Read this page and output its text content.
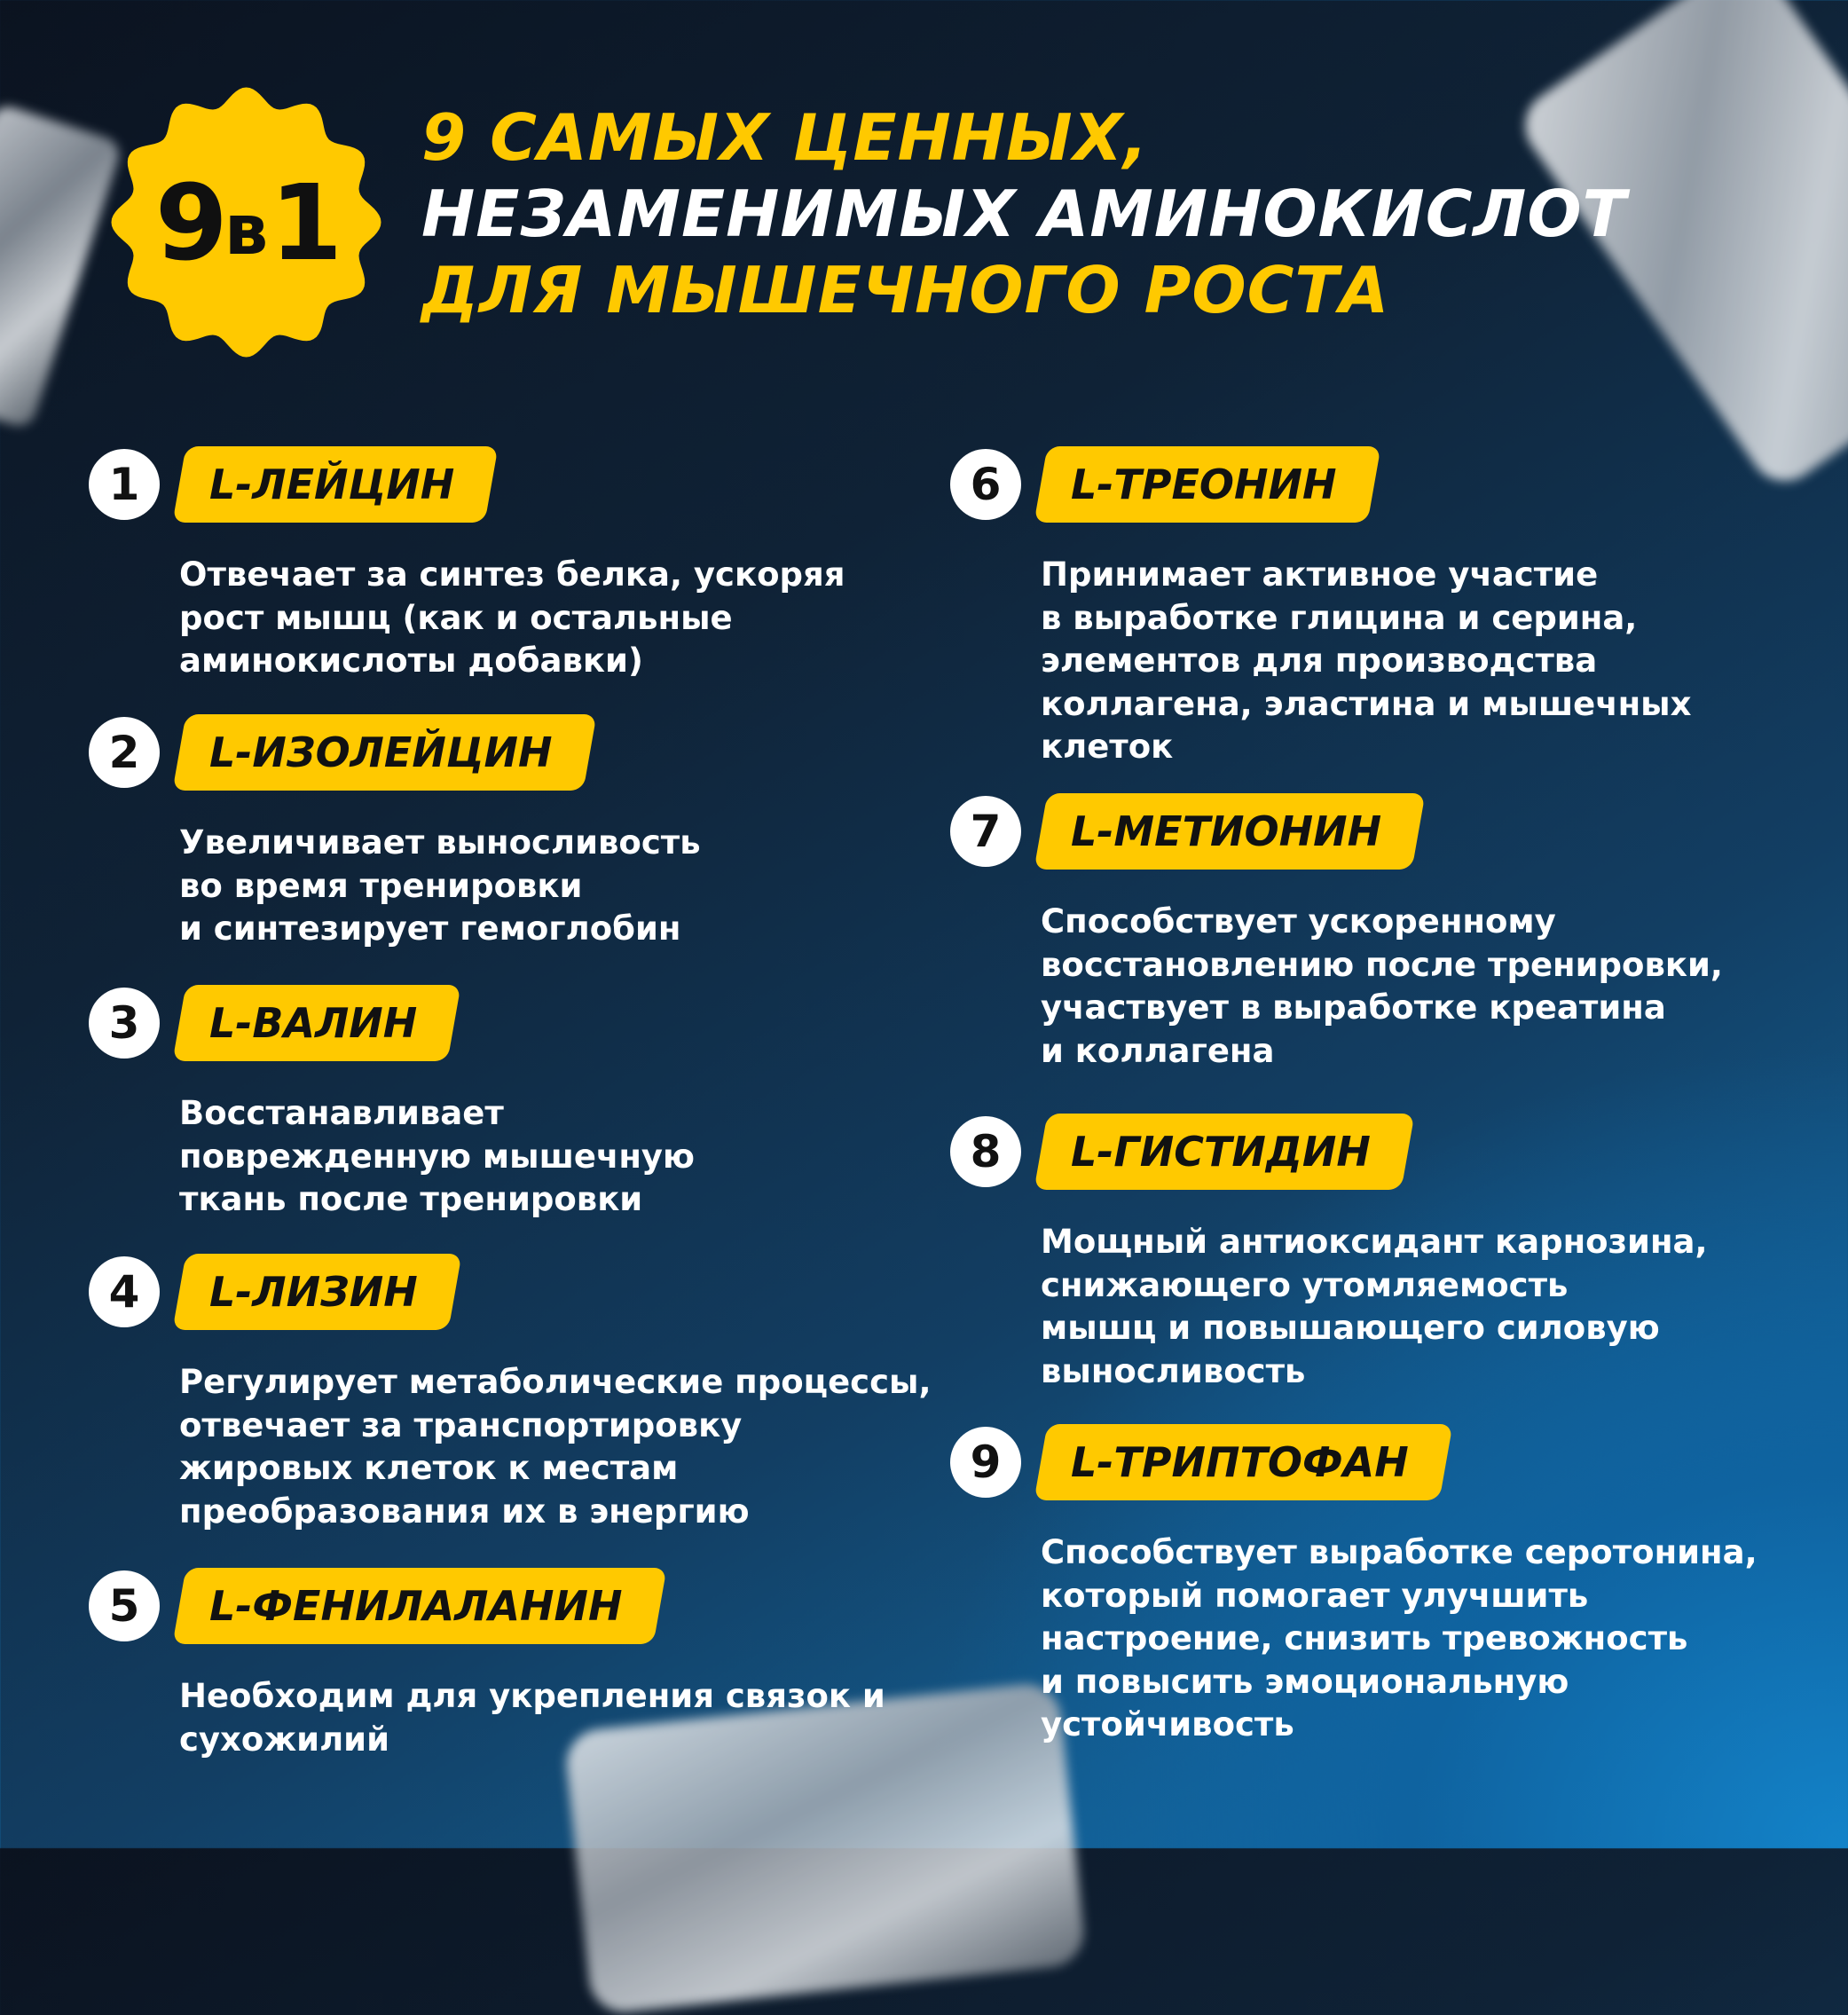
9 в 1
9 САМЫХ ЦЕННЫХ,
НЕЗАМЕНИМЫХ АМИНОКИСЛОТ
ДЛЯ МЫШЕЧНОГО РОСТА
1	L-ЛЕЙЦИН
Отвечает за синтез белка, ускоряя
рост мышц (как и остальные
аминокислоты добавки)
2	L-ИЗОЛЕЙЦИН
Увеличивает выносливость
во время тренировки
и синтезирует гемоглобин
3	L-ВАЛИН
Восстанавливает
поврежденную мышечную
ткань после тренировки
4	L-ЛИЗИН
Регулирует метаболические процессы,
отвечает за транспортировку
жировых клеток к местам
преобразования их в энергию
5	L-ФЕНИЛАЛАНИН
Необходим для укрепления связок и
сухожилий
6	L-ТРЕОНИН
Принимает активное участие
в выработке глицина и серина,
элементов для производства
коллагена, эластина и мышечных
клеток
7	L-МЕТИОНИН
Способствует ускоренному
восстановлению после тренировки,
участвует в выработке креатина
и коллагена
8	L-ГИСТИДИН
Мощный антиоксидант карнозина,
снижающего утомляемость
мышц и повышающего силовую
выносливость
9	L-ТРИПТОФАН
Способствует выработке серотонина,
который помогает улучшить
настроение, снизить тревожность
и повысить эмоциональную
устойчивость
